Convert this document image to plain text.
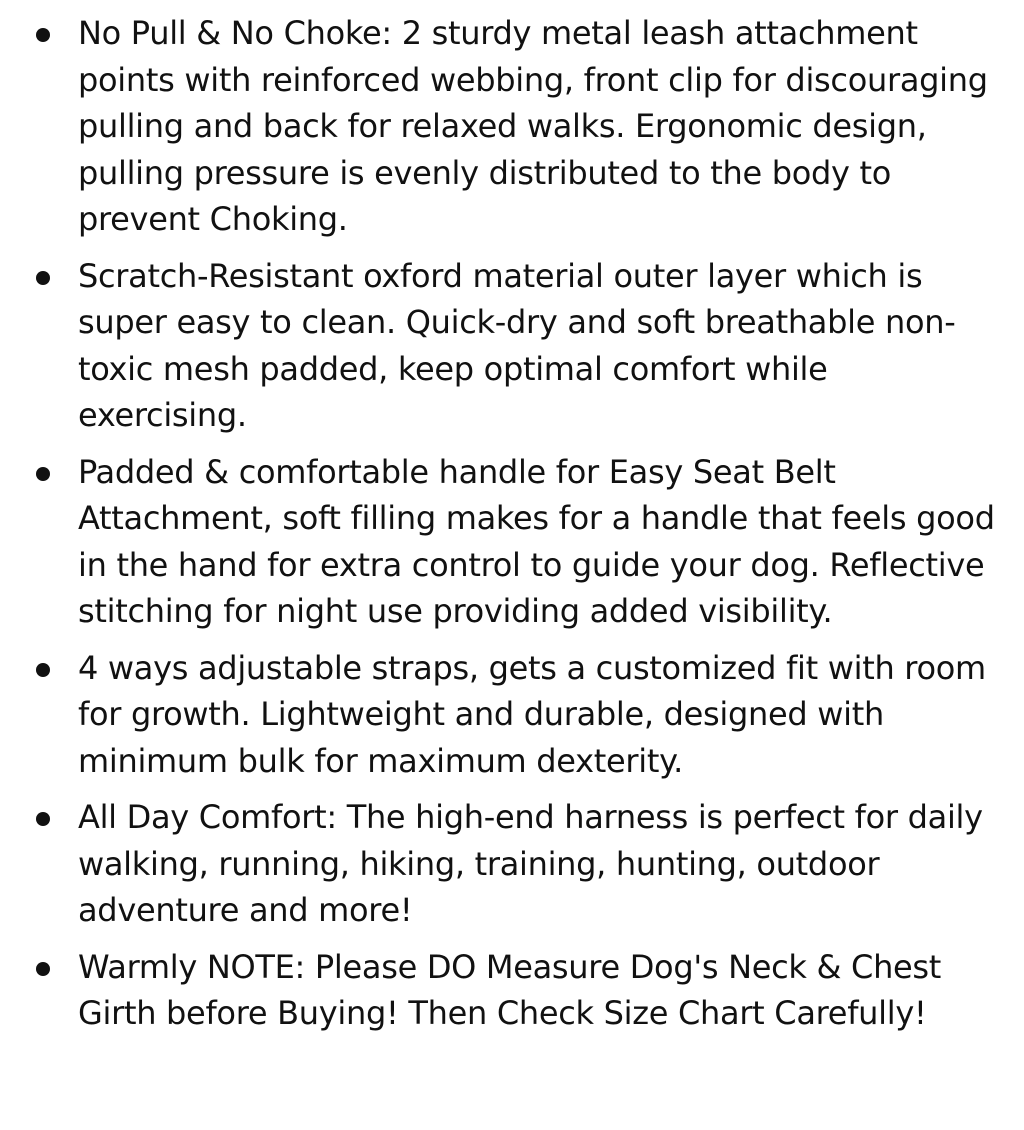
No Pull & No Choke: 2 sturdy metal leash attachment points with reinforced webbing, front clip for discouraging pulling and back for relaxed walks. Ergonomic design, pulling pressure is evenly distributed to the body to prevent Choking.
Scratch-Resistant oxford material outer layer which is super easy to clean. Quick-dry and soft breathable non-toxic mesh padded, keep optimal comfort while exercising.
Padded & comfortable handle for Easy Seat Belt Attachment, soft filling makes for a handle that feels good in the hand for extra control to guide your dog. Reflective stitching for night use providing added visibility.
4 ways adjustable straps, gets a customized fit with room for growth. Lightweight and durable, designed with minimum bulk for maximum dexterity.
All Day Comfort: The high-end harness is perfect for daily walking, running, hiking, training, hunting, outdoor adventure and more!
Warmly NOTE: Please DO Measure Dog's Neck & Chest Girth before Buying! Then Check Size Chart Carefully!
